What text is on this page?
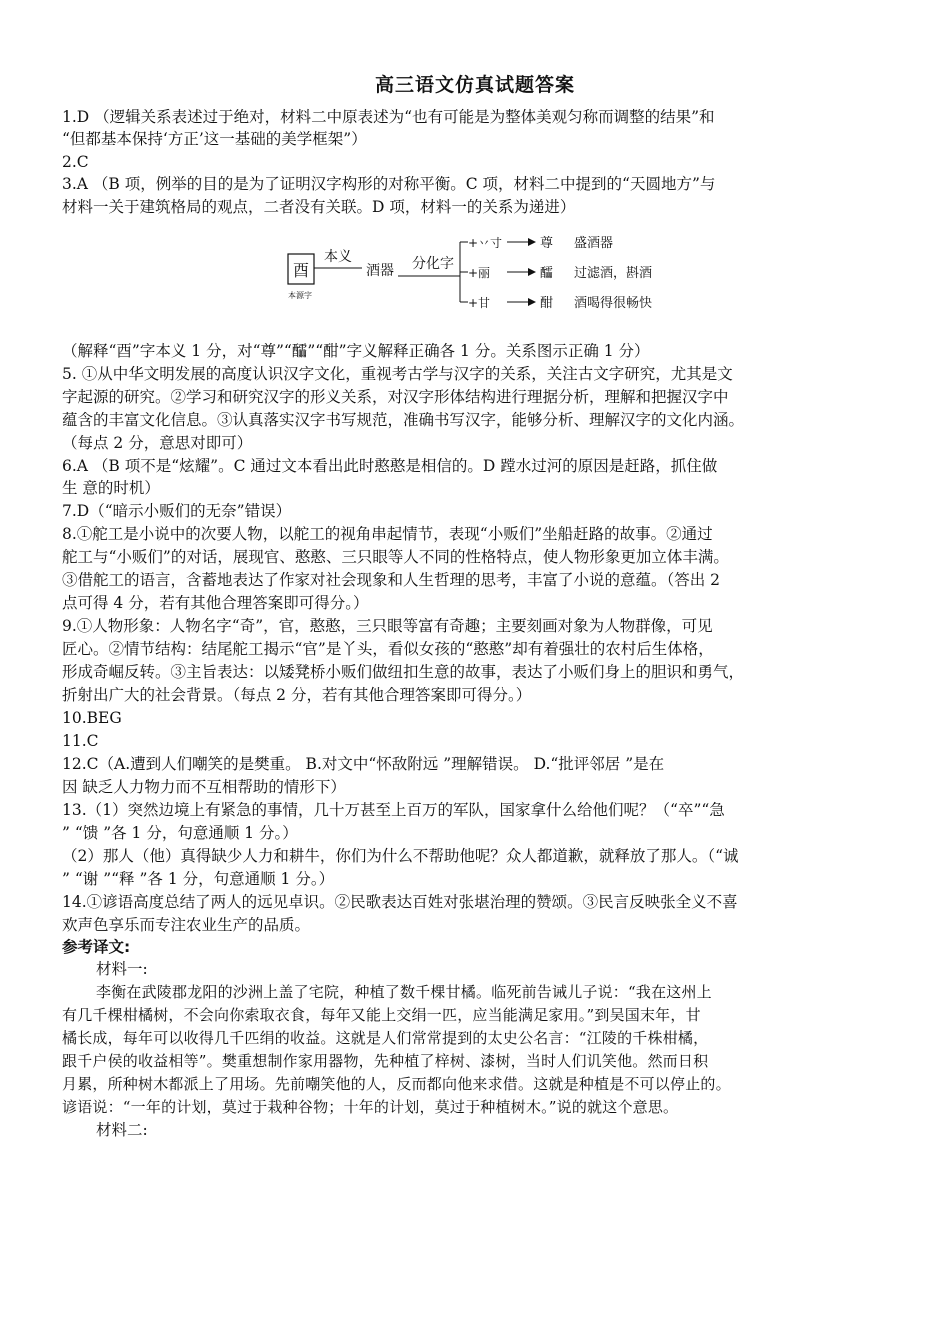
高三语文仿真试题答案
1.D （逻辑关系表述过于绝对，材料二中原表述为“也有可能是为整体美观匀称而调整的结果”和
“但都基本保持‘方正’这一基础的美学框架”）
2.C
3.A （B 项，例举的目的是为了证明汉字构形的对称平衡。C 项，材料二中提到的“天圆地方”与
材料一关于建筑格局的观点，二者没有关联。D 项，材料一的关系为递进）
酉
本源字
本义
酒器 分化字
+丷寸	尊 盛酒器
+丽	醽 过滤酒，斟酒
+甘	酣 酒喝得很畅快
（解释“酉”字本义 1 分，对“尊”“醽”“酣”字义解释正确各 1 分。关系图示正确 1 分）
5. ①从中华文明发展的高度认识汉字文化，重视考古学与汉字的关系，关注古文字研究，尤其是文
字起源的研究。②学习和研究汉字的形义关系，对汉字形体结构进行理据分析，理解和把握汉字中
蕴含的丰富文化信息。③认真落实汉字书写规范，准确书写汉字，能够分析、理解汉字的文化内涵。
（每点 2 分，意思对即可）
6.A （B 项不是“炫耀”。C 通过文本看出此时憨憨是相信的。D 蹚水过河的原因是赶路，抓住做
生 意的时机）
7.D（“暗示小贩们的无奈”错误）
8.①舵工是小说中的次要人物，以舵工的视角串起情节，表现“小贩们”坐船赶路的故事。②通过
舵工与“小贩们”的对话，展现官、憨憨、三只眼等人不同的性格特点，使人物形象更加立体丰满。
③借舵工的语言，含蓄地表达了作家对社会现象和人生哲理的思考，丰富了小说的意蕴。（答出 2
点可得 4 分，若有其他合理答案即可得分。）
9.①人物形象：人物名字“奇”，官，憨憨，三只眼等富有奇趣；主要刻画对象为人物群像，可见
匠心。②情节结构：结尾舵工揭示“官”是丫头，看似女孩的“憨憨”却有着强壮的农村后生体格，
形成奇崛反转。③主旨表达：以矮凳桥小贩们做纽扣生意的故事，表达了小贩们身上的胆识和勇气，
折射出广大的社会背景。（每点 2 分，若有其他合理答案即可得分。）
10.BEG
11.C
12.C（A.遭到人们嘲笑的是樊重。 B.对文中“怀敌附远 ”理解错误。 D.“批评邻居 ”是在
因 缺乏人力物力而不互相帮助的情形下）
13.（1）突然边境上有紧急的事情，几十万甚至上百万的军队，国家拿什么给他们呢？（“卒”“急
” “馈 ”各 1 分，句意通顺 1 分。）
（2）那人（他）真得缺少人力和耕牛，你们为什么不帮助他呢？众人都道歉，就释放了那人。（“诚
” “谢 ”“释 ”各 1 分，句意通顺 1 分。）
14.①谚语高度总结了两人的远见卓识。②民歌表达百姓对张堪治理的赞颂。③民言反映张全义不喜
欢声色享乐而专注农业生产的品质。
参考译文:
材料一:
李衡在武陵郡龙阳的沙洲上盖了宅院，种植了数千棵甘橘。临死前告诫儿子说：“我在这州上
有几千棵柑橘树，不会向你索取衣食，每年又能上交绢一匹，应当能满足家用。”到吴国末年，甘
橘长成，每年可以收得几千匹绢的收益。这就是人们常常提到的太史公名言：“江陵的千株柑橘，
跟千户侯的收益相等”。樊重想制作家用器物，先种植了梓树、漆树，当时人们讥笑他。然而日积
月累，所种树木都派上了用场。先前嘲笑他的人，反而都向他来求借。这就是种植是不可以停止的。
谚语说：“一年的计划，莫过于栽种谷物；十年的计划，莫过于种植树木。”说的就这个意思。
材料二:
